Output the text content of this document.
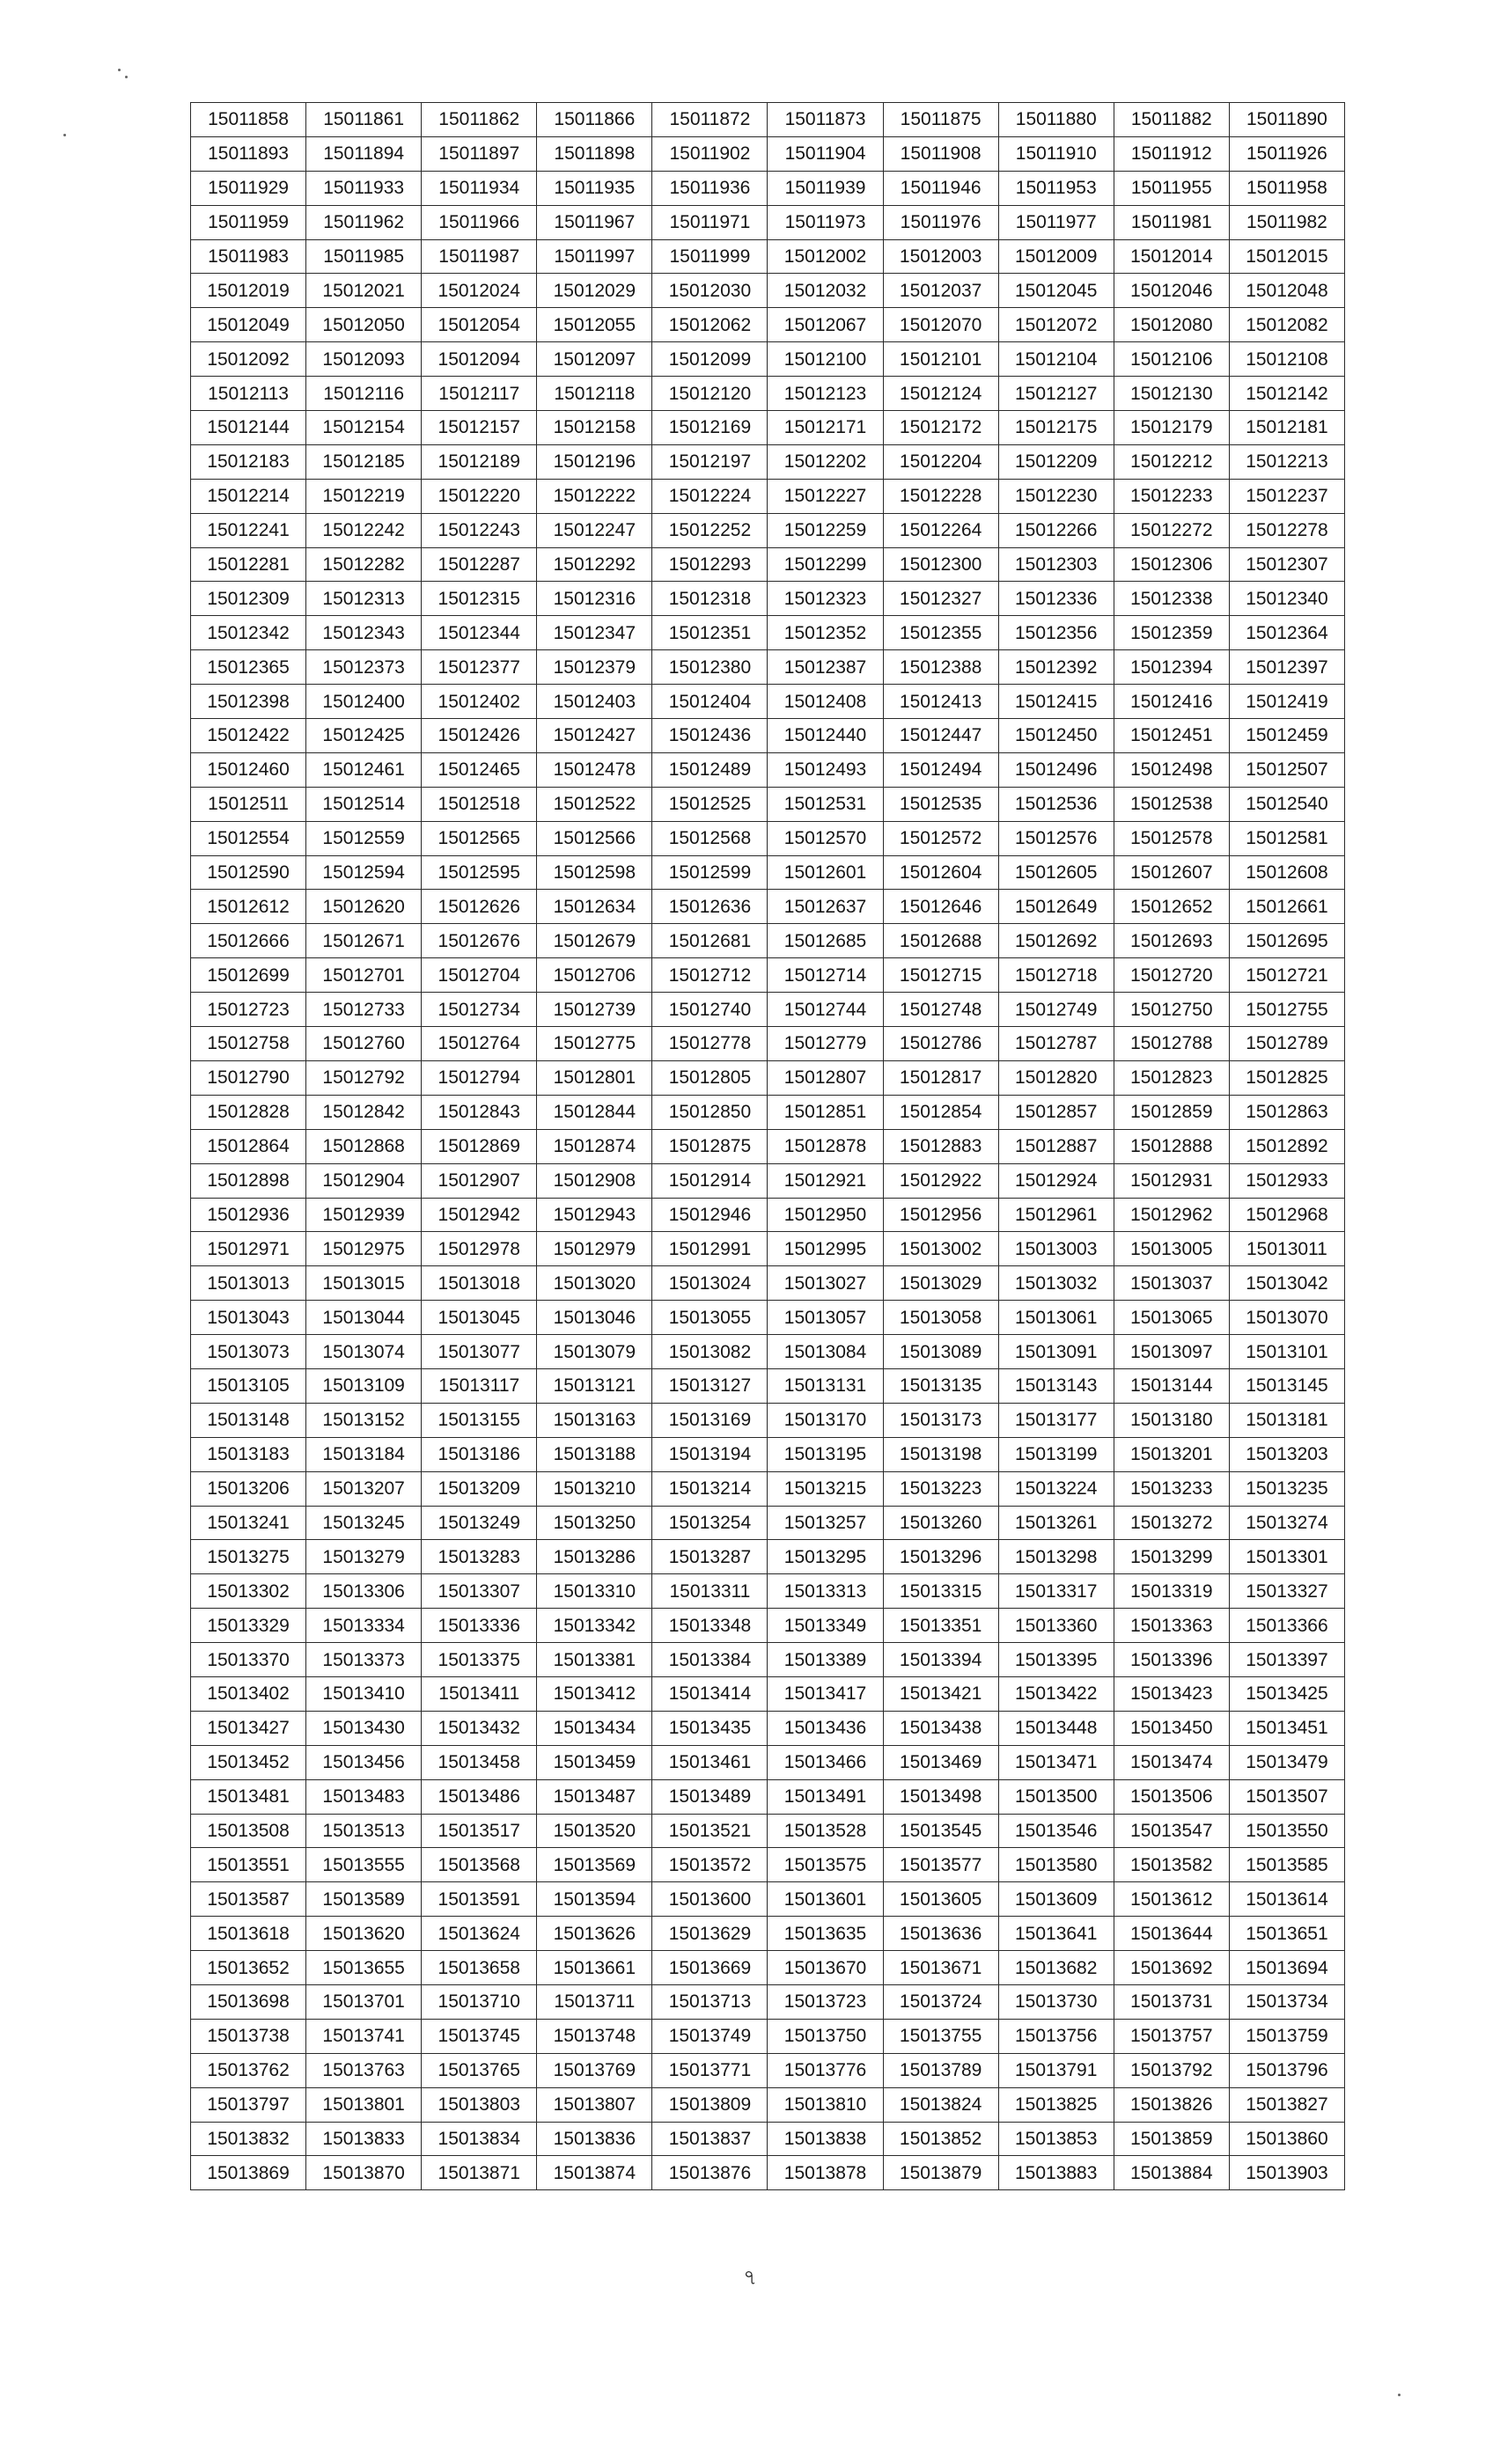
15011858	15011861	15011862	15011866	15011872	15011873	15011875	15011880	15011882	15011890
15011893	15011894	15011897	15011898	15011902	15011904	15011908	15011910	15011912	15011926
15011929	15011933	15011934	15011935	15011936	15011939	15011946	15011953	15011955	15011958
15011959	15011962	15011966	15011967	15011971	15011973	15011976	15011977	15011981	15011982
15011983	15011985	15011987	15011997	15011999	15012002	15012003	15012009	15012014	15012015
15012019	15012021	15012024	15012029	15012030	15012032	15012037	15012045	15012046	15012048
15012049	15012050	15012054	15012055	15012062	15012067	15012070	15012072	15012080	15012082
15012092	15012093	15012094	15012097	15012099	15012100	15012101	15012104	15012106	15012108
15012113	15012116	15012117	15012118	15012120	15012123	15012124	15012127	15012130	15012142
15012144	15012154	15012157	15012158	15012169	15012171	15012172	15012175	15012179	15012181
15012183	15012185	15012189	15012196	15012197	15012202	15012204	15012209	15012212	15012213
15012214	15012219	15012220	15012222	15012224	15012227	15012228	15012230	15012233	15012237
15012241	15012242	15012243	15012247	15012252	15012259	15012264	15012266	15012272	15012278
15012281	15012282	15012287	15012292	15012293	15012299	15012300	15012303	15012306	15012307
15012309	15012313	15012315	15012316	15012318	15012323	15012327	15012336	15012338	15012340
15012342	15012343	15012344	15012347	15012351	15012352	15012355	15012356	15012359	15012364
15012365	15012373	15012377	15012379	15012380	15012387	15012388	15012392	15012394	15012397
15012398	15012400	15012402	15012403	15012404	15012408	15012413	15012415	15012416	15012419
15012422	15012425	15012426	15012427	15012436	15012440	15012447	15012450	15012451	15012459
15012460	15012461	15012465	15012478	15012489	15012493	15012494	15012496	15012498	15012507
15012511	15012514	15012518	15012522	15012525	15012531	15012535	15012536	15012538	15012540
15012554	15012559	15012565	15012566	15012568	15012570	15012572	15012576	15012578	15012581
15012590	15012594	15012595	15012598	15012599	15012601	15012604	15012605	15012607	15012608
15012612	15012620	15012626	15012634	15012636	15012637	15012646	15012649	15012652	15012661
15012666	15012671	15012676	15012679	15012681	15012685	15012688	15012692	15012693	15012695
15012699	15012701	15012704	15012706	15012712	15012714	15012715	15012718	15012720	15012721
15012723	15012733	15012734	15012739	15012740	15012744	15012748	15012749	15012750	15012755
15012758	15012760	15012764	15012775	15012778	15012779	15012786	15012787	15012788	15012789
15012790	15012792	15012794	15012801	15012805	15012807	15012817	15012820	15012823	15012825
15012828	15012842	15012843	15012844	15012850	15012851	15012854	15012857	15012859	15012863
15012864	15012868	15012869	15012874	15012875	15012878	15012883	15012887	15012888	15012892
15012898	15012904	15012907	15012908	15012914	15012921	15012922	15012924	15012931	15012933
15012936	15012939	15012942	15012943	15012946	15012950	15012956	15012961	15012962	15012968
15012971	15012975	15012978	15012979	15012991	15012995	15013002	15013003	15013005	15013011
15013013	15013015	15013018	15013020	15013024	15013027	15013029	15013032	15013037	15013042
15013043	15013044	15013045	15013046	15013055	15013057	15013058	15013061	15013065	15013070
15013073	15013074	15013077	15013079	15013082	15013084	15013089	15013091	15013097	15013101
15013105	15013109	15013117	15013121	15013127	15013131	15013135	15013143	15013144	15013145
15013148	15013152	15013155	15013163	15013169	15013170	15013173	15013177	15013180	15013181
15013183	15013184	15013186	15013188	15013194	15013195	15013198	15013199	15013201	15013203
15013206	15013207	15013209	15013210	15013214	15013215	15013223	15013224	15013233	15013235
15013241	15013245	15013249	15013250	15013254	15013257	15013260	15013261	15013272	15013274
15013275	15013279	15013283	15013286	15013287	15013295	15013296	15013298	15013299	15013301
15013302	15013306	15013307	15013310	15013311	15013313	15013315	15013317	15013319	15013327
15013329	15013334	15013336	15013342	15013348	15013349	15013351	15013360	15013363	15013366
15013370	15013373	15013375	15013381	15013384	15013389	15013394	15013395	15013396	15013397
15013402	15013410	15013411	15013412	15013414	15013417	15013421	15013422	15013423	15013425
15013427	15013430	15013432	15013434	15013435	15013436	15013438	15013448	15013450	15013451
15013452	15013456	15013458	15013459	15013461	15013466	15013469	15013471	15013474	15013479
15013481	15013483	15013486	15013487	15013489	15013491	15013498	15013500	15013506	15013507
15013508	15013513	15013517	15013520	15013521	15013528	15013545	15013546	15013547	15013550
15013551	15013555	15013568	15013569	15013572	15013575	15013577	15013580	15013582	15013585
15013587	15013589	15013591	15013594	15013600	15013601	15013605	15013609	15013612	15013614
15013618	15013620	15013624	15013626	15013629	15013635	15013636	15013641	15013644	15013651
15013652	15013655	15013658	15013661	15013669	15013670	15013671	15013682	15013692	15013694
15013698	15013701	15013710	15013711	15013713	15013723	15013724	15013730	15013731	15013734
15013738	15013741	15013745	15013748	15013749	15013750	15013755	15013756	15013757	15013759
15013762	15013763	15013765	15013769	15013771	15013776	15013789	15013791	15013792	15013796
15013797	15013801	15013803	15013807	15013809	15013810	15013824	15013825	15013826	15013827
15013832	15013833	15013834	15013836	15013837	15013838	15013852	15013853	15013859	15013860
15013869	15013870	15013871	15013874	15013876	15013878	15013879	15013883	15013884	15013903
৭
